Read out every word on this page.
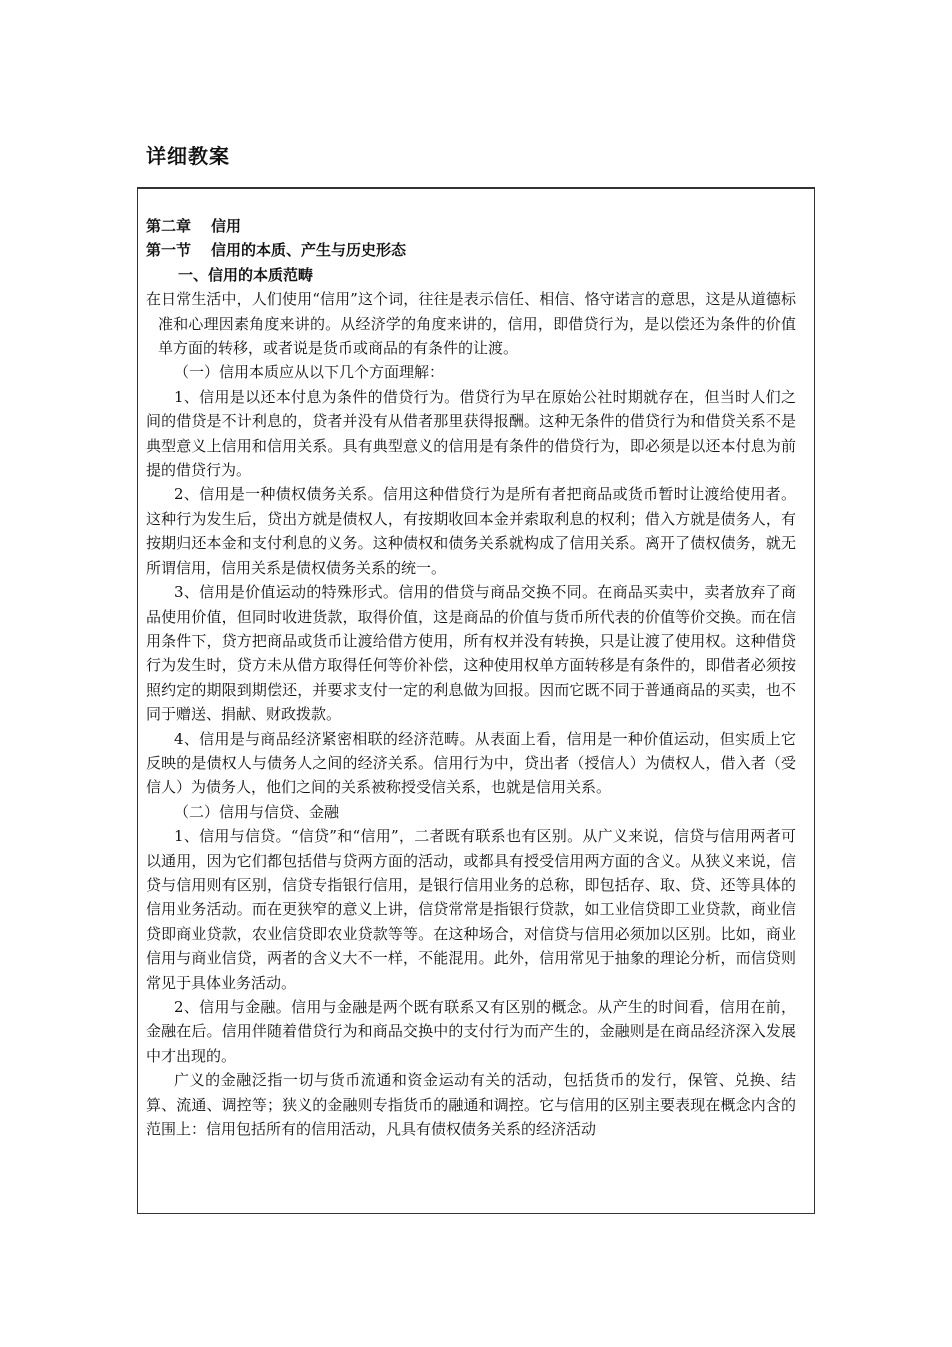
详细教案

第二章 信用

第一节 信用的本质、产生与历史形态

一、信用的本质范畴

在日常生活中，人们使用“信用”这个词，往往是表示信任、相信、恪守诺言的意思，这是从道德标准和心理因素角度来讲的。从经济学的角度来讲的，信用，即借贷行为，是以偿还为条件的价值单方面的转移，或者说是货币或商品的有条件的让渡。

（一）信用本质应从以下几个方面理解：

1、信用是以还本付息为条件的借贷行为。借贷行为早在原始公社时期就存在，但当时人们之间的借贷是不计利息的，贷者并没有从借者那里获得报酬。这种无条件的借贷行为和借贷关系不是典型意义上信用和信用关系。具有典型意义的信用是有条件的借贷行为，即必须是以还本付息为前提的借贷行为。

2、信用是一种债权债务关系。信用这种借贷行为是所有者把商品或货币暂时让渡给使用者。这种行为发生后，贷出方就是债权人，有按期收回本金并索取利息的权利；借入方就是债务人，有按期归还本金和支付利息的义务。这种债权和债务关系就构成了信用关系。离开了债权债务，就无所谓信用，信用关系是债权债务关系的统一。

3、信用是价值运动的特殊形式。信用的借贷与商品交换不同。在商品买卖中，卖者放弃了商品使用价值，但同时收进货款，取得价值，这是商品的价值与货币所代表的价值等价交换。而在信用条件下，贷方把商品或货币让渡给借方使用，所有权并没有转换，只是让渡了使用权。这种借贷行为发生时，贷方未从借方取得任何等价补偿，这种使用权单方面转移是有条件的，即借者必须按照约定的期限到期偿还，并要求支付一定的利息做为回报。因而它既不同于普通商品的买卖，也不同于赠送、捐献、财政拨款。

4、信用是与商品经济紧密相联的经济范畴。从表面上看，信用是一种价值运动，但实质上它反映的是债权人与债务人之间的经济关系。信用行为中，贷出者（授信人）为债权人，借入者（受信人）为债务人，他们之间的关系被称授受信关系，也就是信用关系。

（二）信用与信贷、金融

1、信用与信贷。“信贷”和“信用”，二者既有联系也有区别。从广义来说，信贷与信用两者可以通用，因为它们都包括借与贷两方面的活动，或都具有授受信用两方面的含义。从狭义来说，信贷与信用则有区别，信贷专指银行信用，是银行信用业务的总称，即包括存、取、贷、还等具体的信用业务活动。而在更狭窄的意义上讲，信贷常常是指银行贷款，如工业信贷即工业贷款，商业信贷即商业贷款，农业信贷即农业贷款等等。在这种场合，对信贷与信用必须加以区别。比如，商业信用与商业信贷，两者的含义大不一样，不能混用。此外，信用常见于抽象的理论分析，而信贷则常见于具体业务活动。

2、信用与金融。信用与金融是两个既有联系又有区别的概念。从产生的时间看，信用在前，金融在后。信用伴随着借贷行为和商品交换中的支付行为而产生的，金融则是在商品经济深入发展中才出现的。

广义的金融泛指一切与货币流通和资金运动有关的活动，包括货币的发行，保管、兑换、结算、流通、调控等；狭义的金融则专指货币的融通和调控。它与信用的区别主要表现在概念内含的范围上：信用包括所有的信用活动，凡具有债权债务关系的经济活动
